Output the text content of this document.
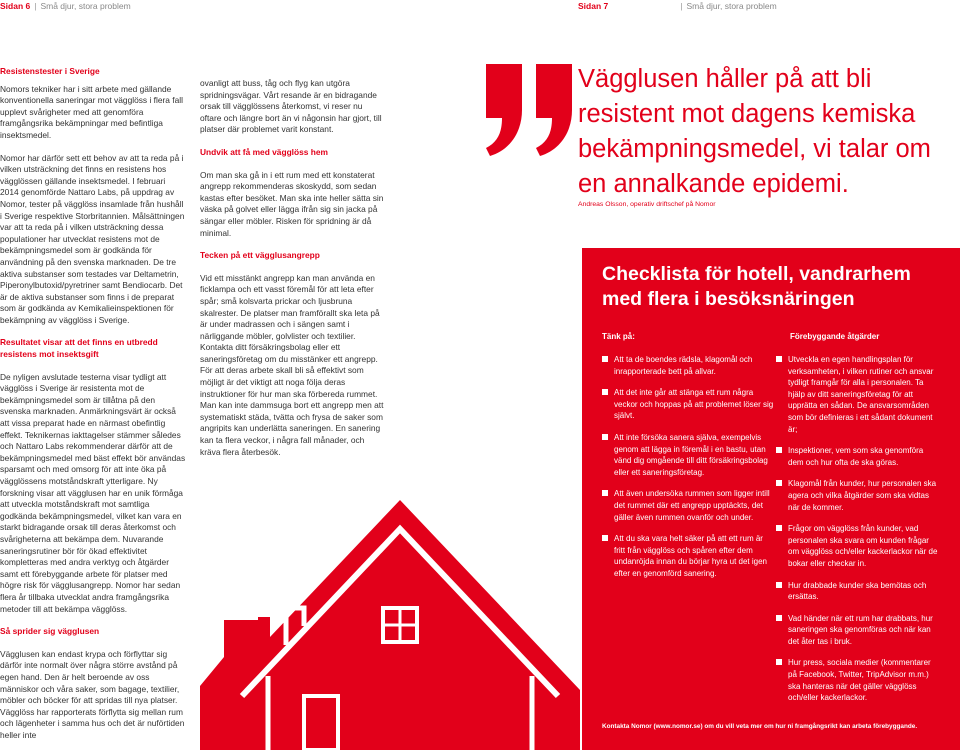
Sidan 6 | Små djur, stora problem	Sidan 7	| Små djur, stora problem
Resistenstester i Sverige

Nomors tekniker har i sitt arbete med gällande konventionella saneringar mot vägglöss i flera fall upplevt svårigheter med att genomföra framgångsrika bekämpningar med befintliga insektsmedel.

Nomor har därför sett ett behov av att ta reda på i vilken utsträckning det finns en resistens hos vägglössen gällande insektsmedel. I februari 2014 genomförde Nattaro Labs, på uppdrag av Nomor, tester på vägglöss insamlade från hushåll i Sverige respektive Storbritannien. Målsättningen var att ta reda på i vilken utsträckning dessa populationer har utvecklat resistens mot de bekämpningsmedel som är godkända för användning på den svenska marknaden. De tre aktiva substanser som testades var Deltametrin, Piperonylbutoxid/pyretriner samt Bendiocarb. Det är de aktiva substanser som finns i de preparat som är godkända av Kemikalieinspektionen för bekämpning av vägglöss i Sverige.

Resultatet visar att det finns en utbredd resistens mot insektsgift

De nyligen avslutade testerna visar tydligt att vägglöss i Sverige är resistenta mot de bekämpningsmedel som är tillåtna på den svenska marknaden. Anmärkningsvärt är också att vissa preparat hade en närmast obefintlig effekt. Teknikernas iakttagelser stämmer således och Nattaro Labs rekommenderar därför att de bekämpningsmedel med bäst effekt bör användas sparsamt och med omsorg för att inte öka på vägglössens motståndskraft ytterligare. Ny forskning visar att vägglusen har en unik förmåga att utveckla motståndskraft mot samtliga godkända bekämpningsmedel, vilket kan vara en starkt bidragande orsak till deras återkomst och svårigheterna att bekämpa dem. Nuvarande saneringsrutiner bör för ökad effektivitet kompletteras med andra verktyg och åtgärder samt ett förebyggande arbete för platser med högre risk för vägglusangrepp. Nomor har sedan flera år tillbaka utvecklat andra framgångsrika metoder till att bekämpa vägglöss.

Så sprider sig vägglusen

Vägglusen kan endast krypa och förflyttar sig därför inte normalt över några större avstånd på egen hand. Den är helt beroende av oss människor och våra saker, som bagage, textilier, möbler och böcker för att spridas till nya platser. Vägglöss har rapporterats förflytta sig mellan rum och lägenheter i samma hus och det är nuförtiden heller inte

ovanligt att buss, tåg och flyg kan utgöra spridningsvägar. Vårt resande är en bidragande orsak till vägglössens återkomst, vi reser nu oftare och längre bort än vi någonsin har gjort, till platser där problemet varit konstant.

Undvik att få med vägglöss hem

Om man ska gå in i ett rum med ett konstaterat angrepp rekommenderas skoskydd, som sedan kastas efter besöket. Man ska inte heller sätta sin väska på golvet eller lägga ifrån sig sin jacka på sängar eller möbler. Risken för spridning är då minimal.

Tecken på ett vägglusangrepp

Vid ett misstänkt angrepp kan man använda en ficklampa och ett vasst föremål för att leta efter spår; små kolsvarta prickar och ljusbruna skalrester. De platser man framförallt ska leta på är under madrassen och i sängen samt i närliggande möbler, golvlister och textilier. Kontakta ditt försäkringsbolag eller ett saneringsföretag om du misstänker ett angrepp. För att deras arbete skall bli så effektivt som möjligt är det viktigt att noga följa deras instruktioner för hur man ska förbereda rummet. Man kan inte dammsuga bort ett angrepp men att systematiskt städa, tvätta och frysa de saker som angripits kan underlätta saneringen. En sanering kan ta flera veckor, i några fall månader, och kräva flera återbesök.

Vägglusen håller på att bli resistent mot dagens kemiska bekämpningsmedel, vi talar om en annalkande epidemi.
Andreas Olsson, operativ driftschef på Nomor
Checklista för hotell, vandrarhem med flera i besöksnäringen
Tänk på:	Förebyggande åtgärder
Att ta de boendes rädsla, klagomål och inrapporterade bett på allvar.
Att det inte går att stänga ett rum några veckor och hoppas på att problemet löser sig självt.
Att inte försöka sanera själva, exempelvis genom att lägga in föremål i en bastu, utan vänd dig omgående till ditt försäkringsbolag eller ett saneringsföretag.
Att även undersöka rummen som ligger intill det rummet där ett angrepp upptäckts, det gäller även rummen ovanför och under.
Att du ska vara helt säker på att ett rum är fritt från vägglöss och spåren efter dem undanröjda innan du börjar hyra ut det igen efter en genomförd sanering.
Utveckla en egen handlingsplan för verksamheten, i vilken rutiner och ansvar tydligt framgår för alla i personalen. Ta hjälp av ditt saneringsföretag för att upprätta en sådan. De ansvarsområden som bör definieras i ett sådant dokument är;
Inspektioner, vem som ska genomföra dem och hur ofta de ska göras.
Klagomål från kunder, hur personalen ska agera och vilka åtgärder som ska vidtas när de kommer.
Frågor om vägglöss från kunder, vad personalen ska svara om kunden frågar om vägglöss och/eller kackerlackor när de bokar eller checkar in.
Hur drabbade kunder ska bemötas och ersättas.
Vad händer när ett rum har drabbats, hur saneringen ska genomföras och när kan det åter tas i bruk.
Hur press, sociala medier (kommentarer på Facebook, Twitter, TripAdvisor m.m.) ska hanteras när det gäller vägglöss och/eller kackerlackor.
Kontakta Nomor (www.nomor.se) om du vill veta mer om hur ni framgångsrikt kan arbeta förebyggande.
